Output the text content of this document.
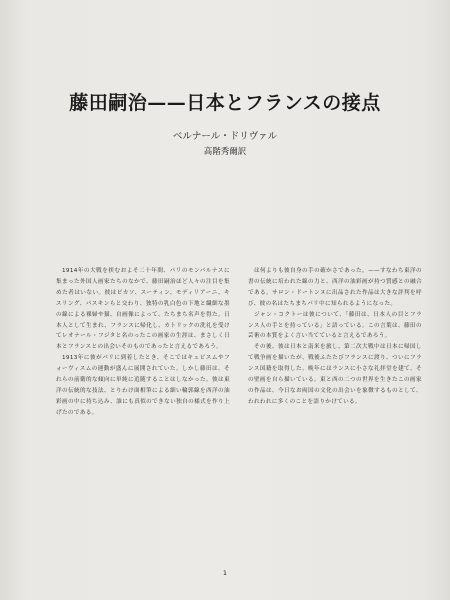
藤田嗣治——日本とフランスの接点
ベルナール・ドリヴァル
高階秀爾訳

1914年の大戦を挟むおよそ二十年間、パリのモンパルナスに集まった外国人画家たちのなかで、藤田嗣治ほど人々の注目を集めた者はいない。彼はピカソ、スーティン、モディリアーニ、キスリング、パスキンらと交わり、独特の乳白色の下地と繊細な墨の線による裸婦や猫、自画像によって、たちまち名声を得た。日本人として生まれ、フランスに帰化し、カトリックの洗礼を受けてレオナール・フジタと名のったこの画家の生涯は、まさしく日本とフランスとの出会いそのものであったと言えるであろう。

1913年に彼がパリに到着したとき、そこではキュビスムやフォーヴィスムの運動が盛んに展開されていた。しかし藤田は、それらの前衛的な傾向に単純に追随することはしなかった。彼は東洋の伝統的な技法、とりわけ面相筆による細い輪郭線を西洋の油彩画の中に持ち込み、誰にも真似のできない独自の様式を作り上げたのである。

は何よりも彼自身の手の確かさであった。——すなわち東洋の書の伝統に培われた線の力と、西洋の油彩画が持つ質感との融合である。サロン・ドートンヌに出品された作品は大きな評判を呼び、彼の名はたちまちパリ中に知られるようになった。

ジャン・コクトーは彼について、「藤田は、日本人の目とフランス人の手とを持っている」と語っている。この言葉は、藤田の芸術の本質をよく言い当てていると言えるであろう。

その後、彼は日本と南米を旅し、第二次大戦中は日本に帰国して戦争画を描いたが、戦後ふたたびフランスに渡り、ついにフランス国籍を取得した。晩年にはランスに小さな礼拝堂を建て、その壁画を自ら描いている。東と西の二つの世界を生きたこの画家の作品は、今日なお両国の文化の出会いを象徴するものとして、われわれに多くのことを語りかけている。

1
